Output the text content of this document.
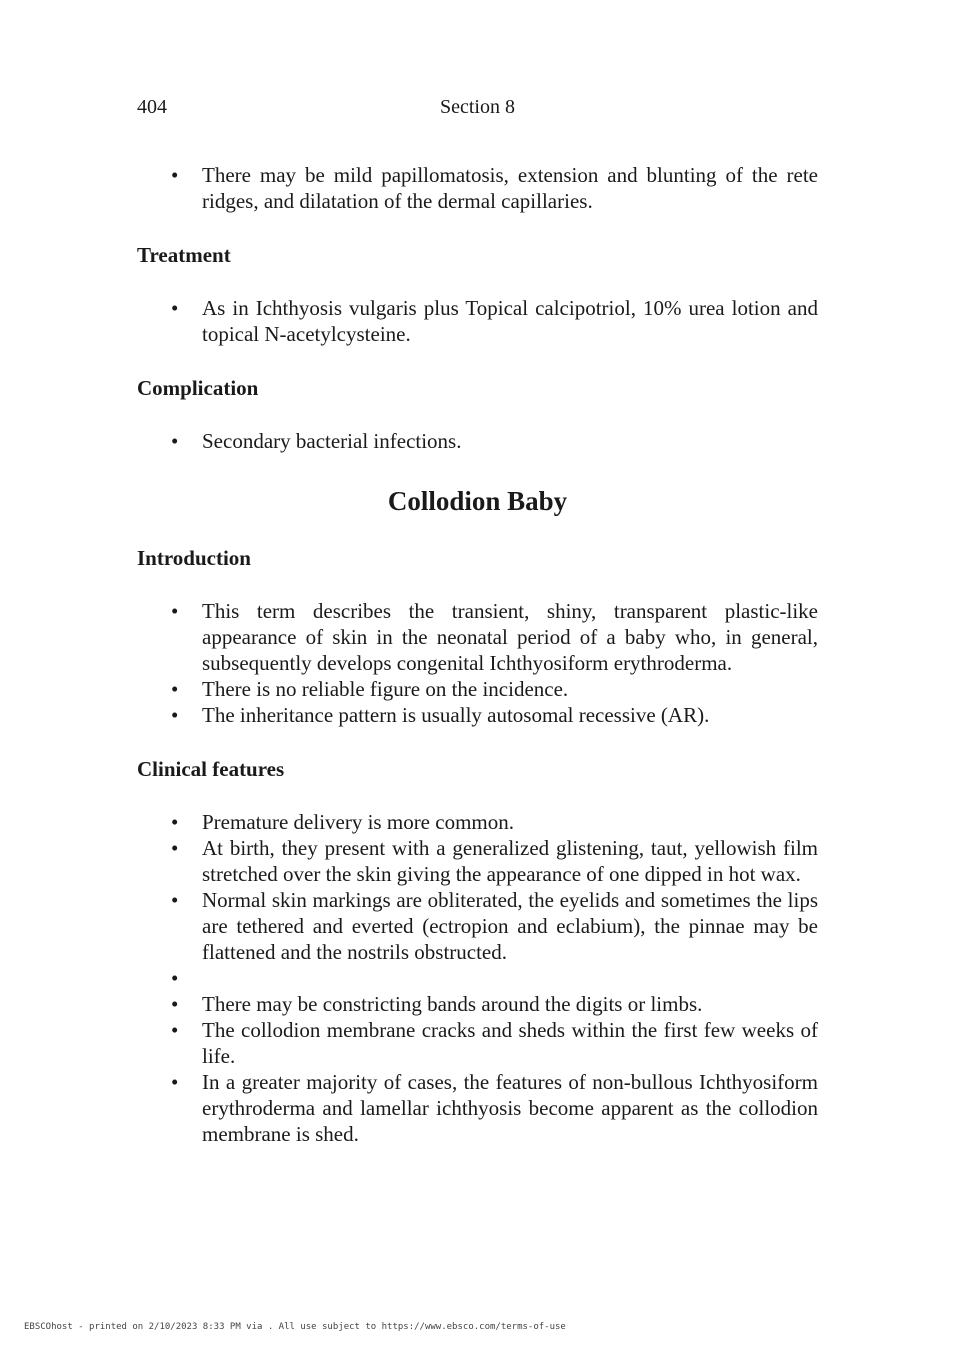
404	Section 8
• There may be mild papillomatosis, extension and blunting of the rete ridges, and dilatation of the dermal capillaries.
Treatment
• As in Ichthyosis vulgaris plus Topical calcipotriol, 10% urea lotion and topical N-acetylcysteine.
Complication
• Secondary bacterial infections.
Collodion Baby
Introduction
• This term describes the transient, shiny, transparent plastic-like appearance of skin in the neonatal period of a baby who, in general, subsequently develops congenital Ichthyosiform erythroderma.
• There is no reliable figure on the incidence.
• The inheritance pattern is usually autosomal recessive (AR).
Clinical features
• Premature delivery is more common.
• At birth, they present with a generalized glistening, taut, yellowish film stretched over the skin giving the appearance of one dipped in hot wax.
• Normal skin markings are obliterated, the eyelids and sometimes the lips are tethered and everted (ectropion and eclabium), the pinnae may be flattened and the nostrils obstructed.
•
• There may be constricting bands around the digits or limbs.
• The collodion membrane cracks and sheds within the first few weeks of life.
• In a greater majority of cases, the features of non-bullous Ichthyosiform erythroderma and lamellar ichthyosis become apparent as the collodion membrane is shed.
EBSCOhost - printed on 2/10/2023 8:33 PM via . All use subject to https://www.ebsco.com/terms-of-use
